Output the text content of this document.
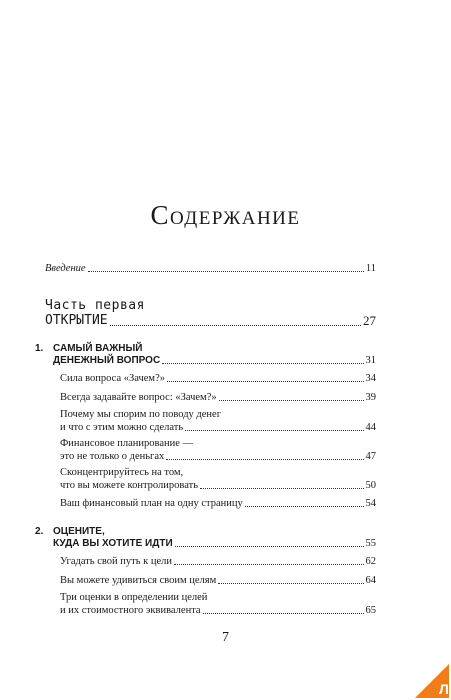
Содержание
Введение	11
Часть первая
ОТКРЫТИЕ	27
1. САМЫЙ ВАЖНЫЙ
ДЕНЕЖНЫЙ ВОПРОС	31
Сила вопроса «Зачем?»	34
Всегда задавайте вопрос: «Зачем?»	39
Почему мы спорим по поводу денег
и что с этим можно сделать	44
Финансовое планирование —
это не только о деньгах	47
Сконцентрируйтесь на том,
что вы можете контролировать	50
Ваш финансовый план на одну страницу	54
2. ОЦЕНИТЕ,
КУДА ВЫ ХОТИТЕ ИДТИ	55
Угадать свой путь к цели	62
Вы можете удивиться своим целям	64
Три оценки в определении целей
и их стоимостного эквивалента	65
7
Л
